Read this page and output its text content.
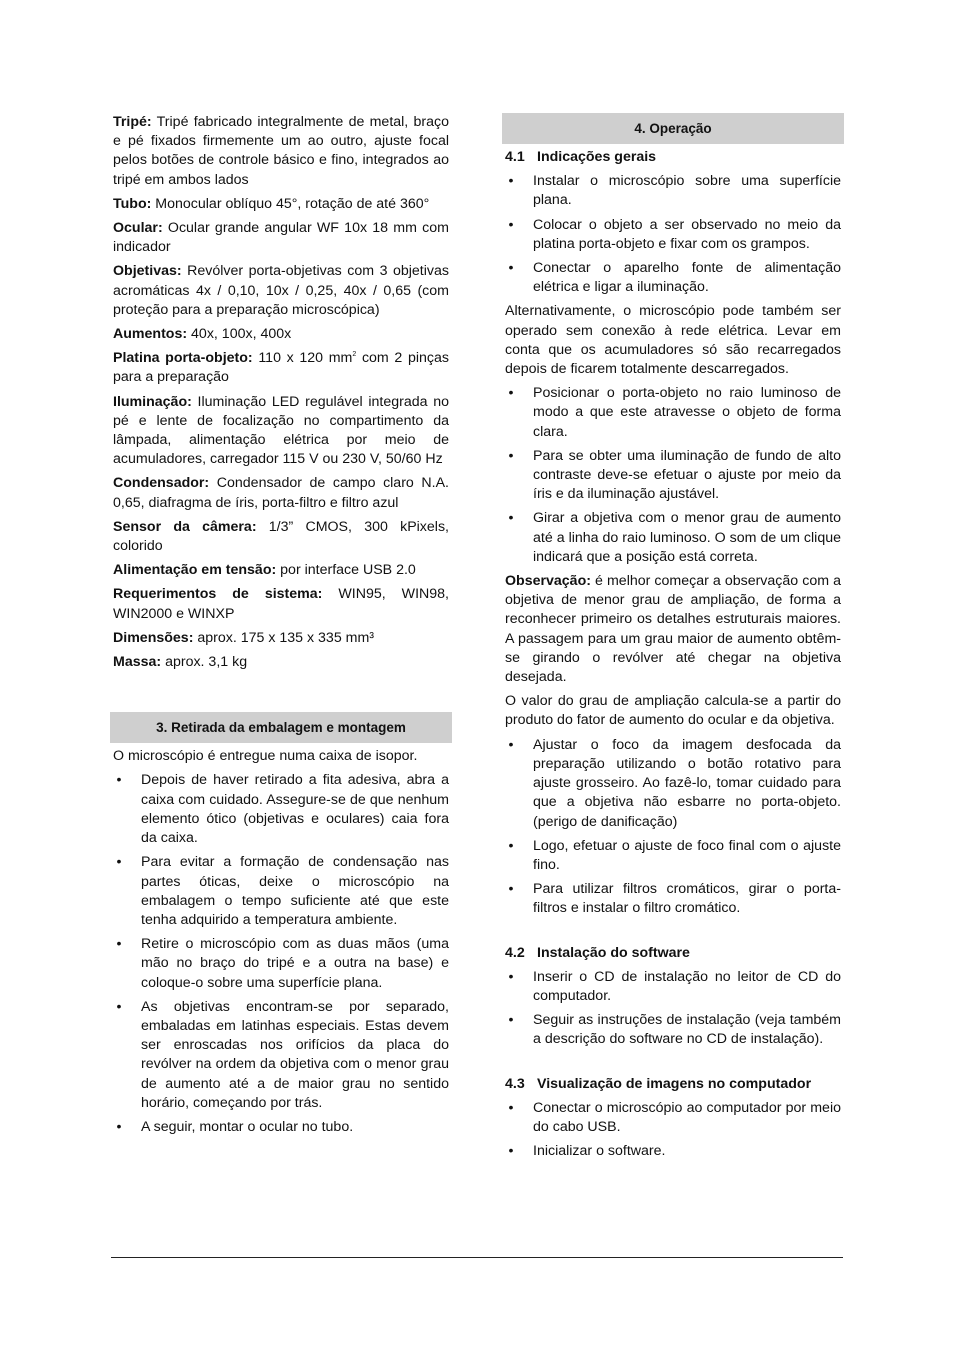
Tripé: Tripé fabricado integralmente de metal, braço e pé fixados firmemente um ao outro, ajuste focal pelos botões de controle básico e fino, integrados ao tripé em ambos lados

Tubo: Monocular oblíquo 45°, rotação de até 360°

Ocular: Ocular grande angular WF 10x 18 mm com indicador

Objetivas: Revólver porta-objetivas com 3 objetivas acromáticas 4x / 0,10, 10x / 0,25, 40x / 0,65 (com proteção para a preparação microscópica)

Aumentos: 40x, 100x, 400x

Platina porta-objeto: 110 x 120 $mm^2$ com 2 pinças para a preparação

Iluminação: Iluminação LED regulável integrada no pé e lente de focalização no compartimento da lâmpada, alimentação elétrica por meio de acumuladores, carregador 115 V ou 230 V, 50/60 Hz

Condensador: Condensador de campo claro N.A. 0,65, diafragma de íris, porta-filtro e filtro azul

Sensor da câmera: 1/3” CMOS, 300 kPixels, colorido

Alimentação em tensão: por interface USB 2.0

Requerimentos de sistema: WIN95, WIN98, WIN2000 e WINXP

Dimensões: aprox. 175 x 135 x 335 mm³

Massa: aprox. 3,1 kg

3. Retirada da embalagem e montagem

O microscópio é entregue numa caixa de isopor.

• Depois de haver retirado a fita adesiva, abra a caixa com cuidado. Assegure-se de que nenhum elemento ótico (objetivas e oculares) caia fora da caixa.
• Para evitar a formação de condensação nas partes óticas, deixe o microscópio na embalagem o tempo suficiente até que este tenha adquirido a temperatura ambiente.
• Retire o microscópio com as duas mãos (uma mão no braço do tripé e a outra na base) e coloque-o sobre uma superfície plana.
• As objetivas encontram-se por separado, embaladas em latinhas especiais. Estas devem ser enroscadas nos orifícios da placa do revólver na ordem da objetiva com o menor grau de aumento até a de maior grau no sentido horário, começando por trás.
• A seguir, montar o ocular no tubo.
4. Operação
4.1 Indicações gerais
• Instalar o microscópio sobre uma superfície plana.
• Colocar o objeto a ser observado no meio da platina porta-objeto e fixar com os grampos.
• Conectar o aparelho fonte de alimentação elétrica e ligar a iluminação.

Alternativamente, o microscópio pode também ser operado sem conexão à rede elétrica. Levar em conta que os acumuladores só são recarregados depois de ficarem totalmente descarregados.

• Posicionar o porta-objeto no raio luminoso de modo a que este atravesse o objeto de forma clara.
• Para se obter uma iluminação de fundo de alto contraste deve-se efetuar o ajuste por meio da íris e da iluminação ajustável.
• Girar a objetiva com o menor grau de aumento até a linha do raio luminoso. O som de um clique indicará que a posição está correta.

Observação: é melhor começar a observação com a objetiva de menor grau de ampliação, de forma a reconhecer primeiro os detalhes estruturais maiores. A passagem para um grau maior de aumento obtêm-se girando o revólver até chegar na objetiva desejada.

O valor do grau de ampliação calcula-se a partir do produto do fator de aumento do ocular e da objetiva.

• Ajustar o foco da imagem desfocada da preparação utilizando o botão rotativo para ajuste grosseiro. Ao fazê-lo, tomar cuidado para que a objetiva não esbarre no porta-objeto. (perigo de danificação)
• Logo, efetuar o ajuste de foco final com o ajuste fino.
• Para utilizar filtros cromáticos, girar o porta-filtros e instalar o filtro cromático.
4.2 Instalação do software
• Inserir o CD de instalação no leitor de CD do computador.
• Seguir as instruções de instalação (veja também a descrição do software no CD de instalação).
4.3 Visualização de imagens no computador
• Conectar o microscópio ao computador por meio do cabo USB.
• Inicializar o software.
